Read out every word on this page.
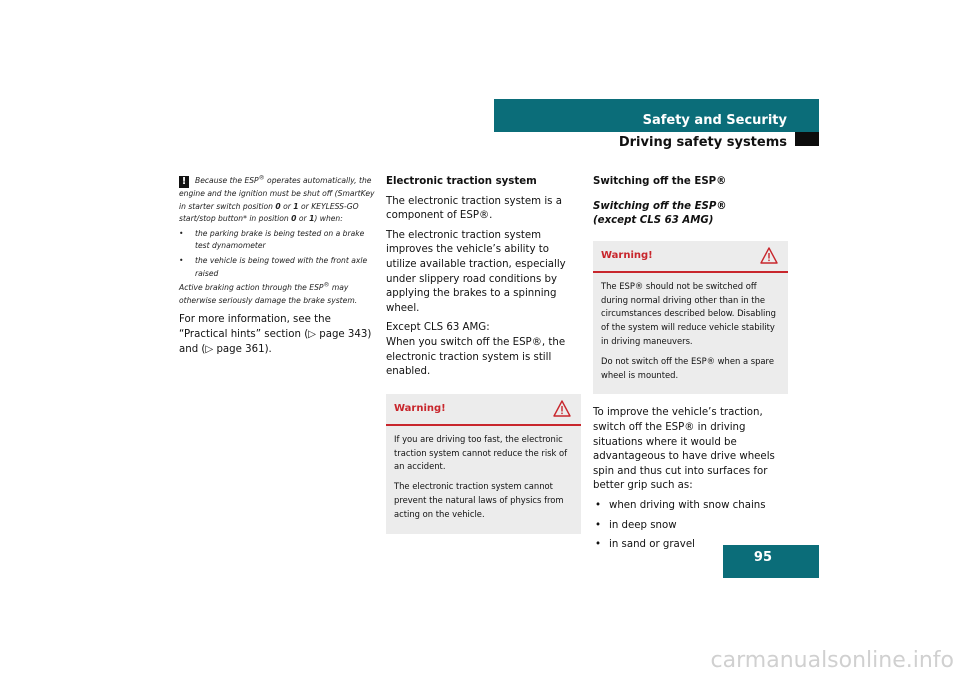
Safety and Security
Driving safety systems

! Because the ESP® operates automatically, the engine and the ignition must be shut off (SmartKey in starter switch position 0 or 1 or KEYLESS-GO start/stop button* in position 0 or 1) when:

• the parking brake is being tested on a brake test dynamometer
• the vehicle is being towed with the front axle raised

Active braking action through the ESP® may otherwise seriously damage the brake system.

For more information, see the “Practical hints” section (▷ page 343) and (▷ page 361).

Electronic traction system

The electronic traction system is a component of ESP®.

The electronic traction system improves the vehicle’s ability to utilize available traction, especially under slippery road conditions by applying the brakes to a spinning wheel.

Except CLS 63 AMG:

When you switch off the ESP®, the electronic traction system is still enabled.

Warning!

If you are driving too fast, the electronic traction system cannot reduce the risk of an accident.

The electronic traction system cannot prevent the natural laws of physics from acting on the vehicle.

Switching off the ESP®

Switching off the ESP®

(except CLS 63 AMG)

Warning!

The ESP® should not be switched off during normal driving other than in the circumstances described below. Disabling of the system will reduce vehicle stability in driving maneuvers.

Do not switch off the ESP® when a spare wheel is mounted.

To improve the vehicle’s traction, switch off the ESP® in driving situations where it would be advantageous to have drive wheels spin and thus cut into surfaces for better grip such as:

• when driving with snow chains
• in deep snow
• in sand or gravel
95
carmanualsonline.info
